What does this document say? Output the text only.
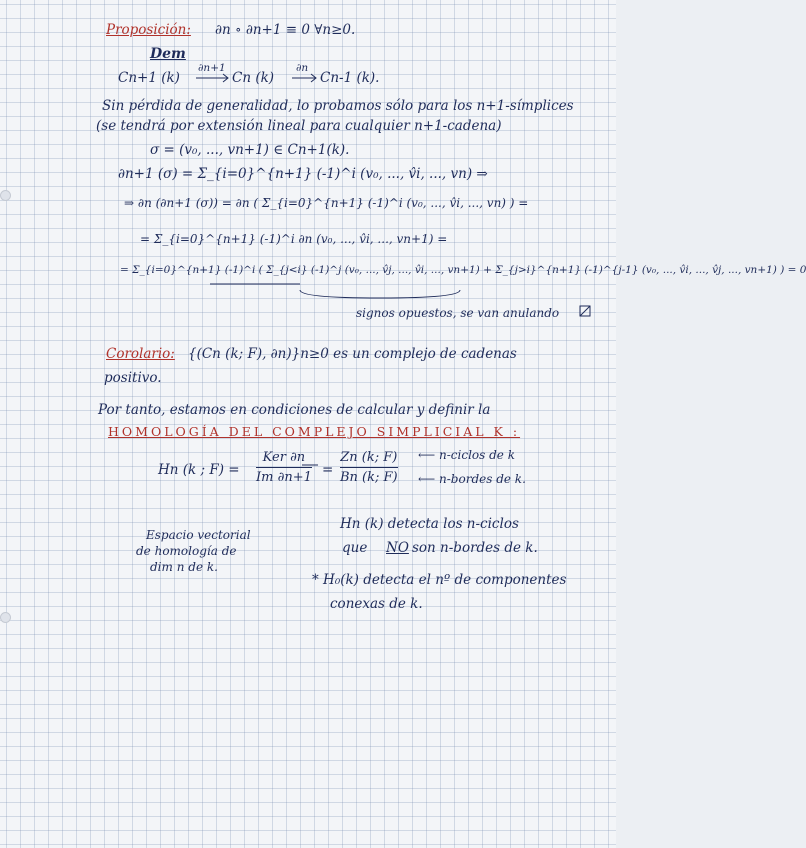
Proposición: ∂n ∘ ∂n+1 ≡ 0 ∀n≥0.
Dem
Cn+1 (k)
∂n+1
Cn (k)
∂n
Cn-1 (k).
Sin pérdida de generalidad, lo probamos sólo para los n+1-símplices
(se tendrá por extensión lineal para cualquier n+1-cadena)
σ = (v₀, ..., vn+1) ∈ Cn+1(k).
∂n+1 (σ) = Σ_{i=0}^{n+1} (-1)^i (v₀, ..., v̂i, ..., vn) ⇒
⇒ ∂n (∂n+1 (σ)) = ∂n ( Σ_{i=0}^{n+1} (-1)^i (v₀, ..., v̂i, ..., vn) ) =
= Σ_{i=0}^{n+1} (-1)^i ∂n (v₀, ..., v̂i, ..., vn+1) =
= Σ_{i=0}^{n+1} (-1)^i ( Σ_{j<i} (-1)^j (v₀, ..., v̂j, ..., v̂i, ..., vn+1) + Σ_{j>i}^{n+1} (-1)^{j-1} (v₀, ..., v̂i, ..., v̂j, ..., vn+1) ) = 0
signos opuestos, se van anulando
Corolario: {(Cn (k; F), ∂n)}n≥0 es un complejo de cadenas
positivo.
Por tanto, estamos en condiciones de calcular y definir la
HOMOLOGÍA DEL COMPLEJO SIMPLICIAL K :
Hn (k ; F) =
Ker ∂n
Im ∂n+1 =
Zn (k; F)
Bn (k; F)
⟵ n-ciclos de k
⟵ n-bordes de k.
Espacio vectorial
de homología de
dim n de k.
Hn (k) detecta los n-ciclos
que NO son n-bordes de k.
* H₀(k) detecta el nº de componentes
conexas de k.
